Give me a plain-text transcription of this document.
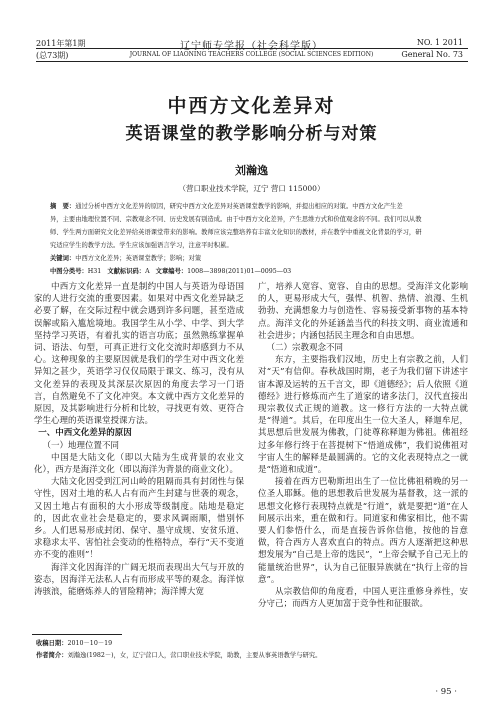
2011年第1期
(总73期)
辽宁师专学报（社会科学版）
JOURNAL OF LIAONING TEACHERS COLLEGE (SOCIAL SCIENCES EDITION)
NO. 1 2011
General No. 73
中西方文化差异对
英语课堂的教学影响分析与对策
刘瀚逸
（营口职业技术学院，辽宁 营口 115000）

摘　要：通过分析中西方文化差异的原因，研究中西方文化差异对英语课堂教学的影响，并提出相应的对策。中西方文化产生差

异，主要由地理位置不同、宗教观念不同、历史发展有别造成。由于中西方文化差异，产生思维方式和价值观念的不同。我们可以从教

师、学生两方面研究文化差异给英语课堂带来的影响。教师应该完整培养有丰富文化知识的教材，并在教学中重视文化背景的学习，研

究适应学生的教学方法。学生应该加强语言学习，注意平时积累。

关键词：中西方文化差异；英语课堂教学；影响；对策

中图分类号：H31 文献标识码：A 文章编号：1008—3898(2011)01—0095—03

中西方文化差异一直是制约中国人与英语为母语国家的人进行交流的重要因素。如果对中西文化差异缺乏必要了解，在交际过程中就会遇到许多问题，甚至造成误解或陷入尴尬境地。我国学生从小学、中学、到大学坚持学习英语，有着扎实的语言功底；虽然熟练掌握单词、语法、句型，可真正进行文化交流时却感到力不从心。这种现象的主要原因就是我们的学生对中西文化差异知之甚少，英语学习仅仅局限于课文、练习，没有从文化差异的表现及其深层次原因的角度去学习一门语言，自然避免不了文化冲突。本文就中西方文化差异的原因，及其影响进行分析和比较，寻找更有效、更符合学生心理的英语课堂授课方法。

一、中西文化差异的原因

（一）地理位置不同

中国是大陆文化（即以大陆为生成背景的农业文化），西方是海洋文化（即以海洋为背景的商业文化）。

大陆文化因受到江河山岭的阻隔而具有封闭性与保守性，因对土地的私人占有而产生封建与世袭的观念，又因土地占有面积的大小形成等级制度。陆地是稳定的，因此农业社会是稳定的，要求风调雨顺，惜别怀乡。人们思易形成封闭、保守、墨守成规、安贫乐道、求稳求太平、害怕社会变动的性格特点，奉行“天不变道亦不变的准则”！

海洋文化因海洋的广阔无垠而表现出大气与开放的姿态，因海洋无法私人占有而形成平等的观念。海洋惊涛骇浪，能磨炼养人的冒险精神；海洋博大宽

广，培养人宽容、宽容、自由的思想。受海洋文化影响的人，更易形成大气，强悍、机智、热情、浪漫、生机勃勃、充满想象力与创造性、容易接受新事物的基本特点。海洋文化的外延涵盖当代的科技文明、商业流通和社会进步；内涵包括民主理念和自由思想。

（二）宗教观念不同

东方，主要指我们汉地，历史上有宗教之前，人们对“天”有信仰。春秋战国时期，老子为我们留下讲述宇宙本源及运转的五千言文，即《道德经》；后人依照《道德经》进行修炼而产生了道家的诸多法门，汉代直接出现宗教仪式正规的道教。这一修行方法的一大特点就是“得道”。其后，在印度出生一位大圣人，释迦牟尼，其思想后世发展为佛教，门徒尊称释迦为佛祖。佛祖经过多年修行终于在菩提树下“悟道成佛”，我们说佛祖对宇宙人生的解释是最圆满的。它的文化表现特点之一就是“悟道和成道”。

接着在西方巴勒斯坦出生了一位比佛祖稍晚的另一位圣人耶稣。他的思想教后世发展为基督教，这一派的思想文化修行表现特点就是“行道”，就是要把“道”在人间展示出来，重在做和行。同道家和佛家相比，他不需要人们参悟什么，而是直接告诉你信他，按他的旨意做，符合西方人喜欢直白的特点。西方人逐渐把这种思想发展为“自己是上帝的选民”，“上帝会赋予自己无上的能量统治世界”，认为自己征服异族就在“执行上帝的旨意”。

从宗教信仰的角度看，中国人更注重修身养性，安分守己；而西方人更加富于竞争性和征服欲。

收稿日期：2010－10－19
作者简介：刘瀚逸(1982－)，女，辽宁营口人，营口职业技术学院，助教，主要从事英语教学与研究。
· 95 ·
